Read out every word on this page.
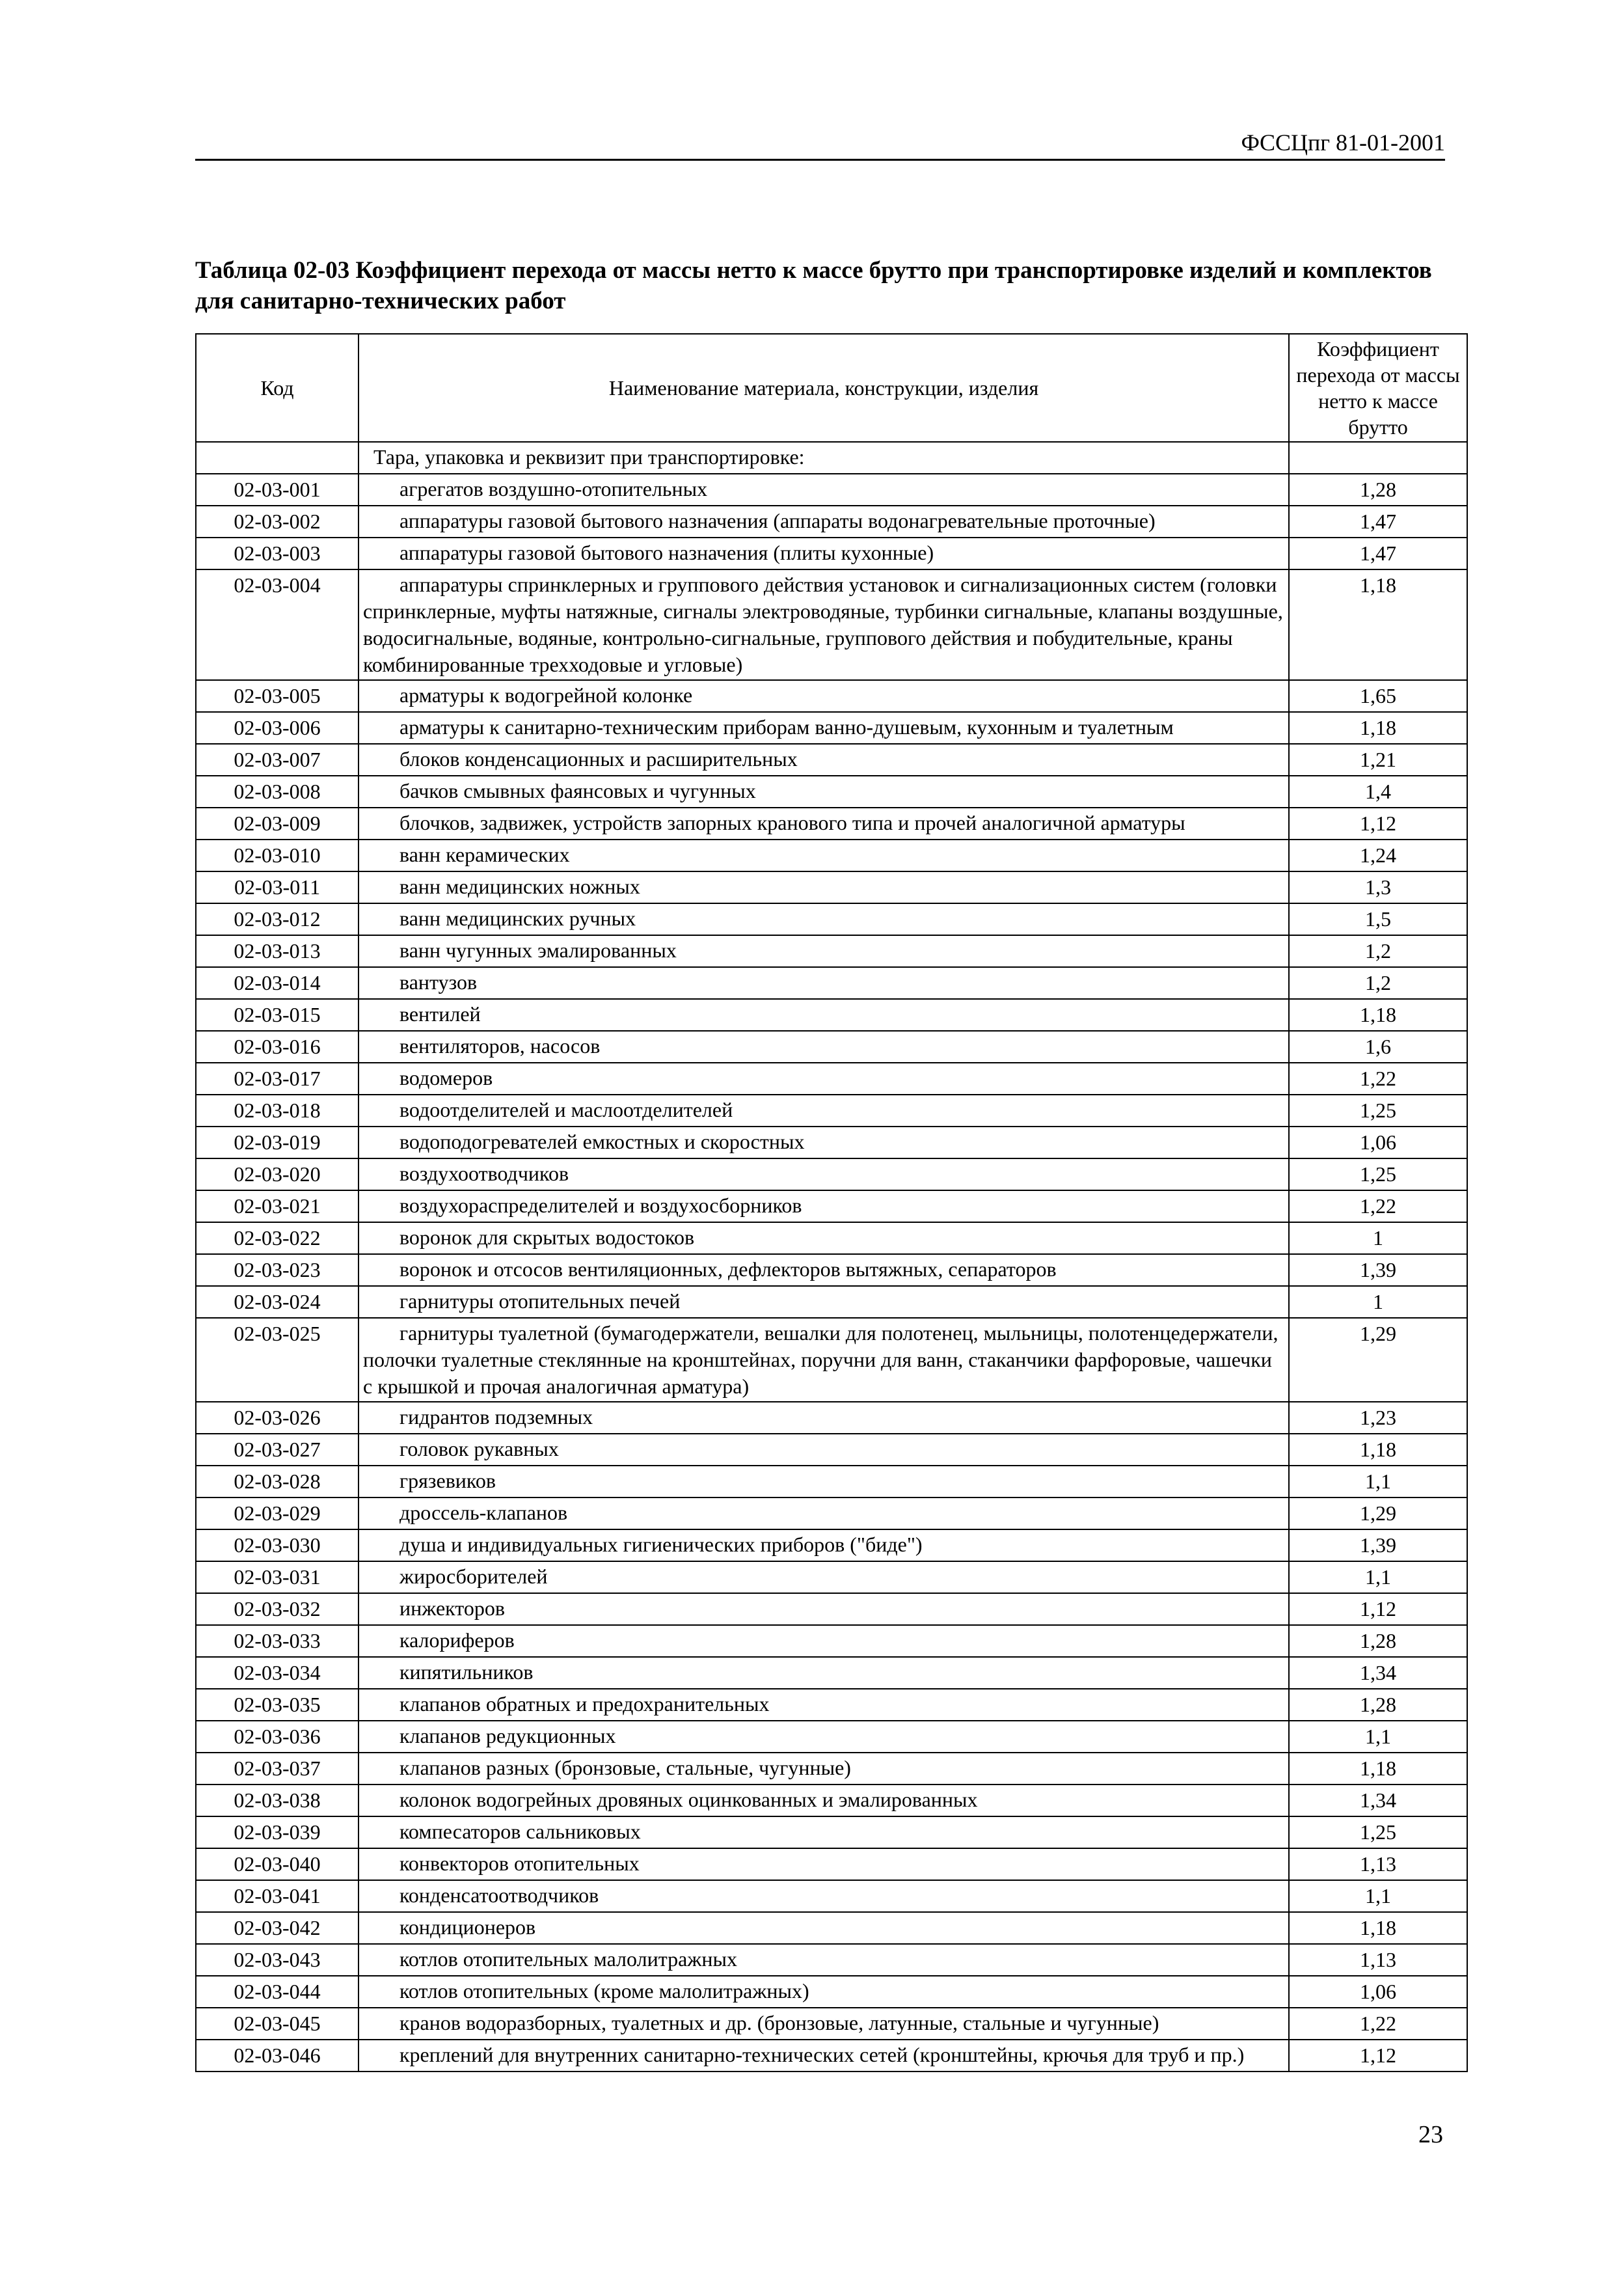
ФССЦпг 81-01-2001
Таблица 02-03 Коэффициент перехода от массы нетто к массе брутто при транспортировке изделий и комплектов для санитарно-технических работ
Код	Наименование материала, конструкции, изделия	Коэффициент перехода от массы нетто к массе брутто
	Тара, упаковка и реквизит при транспортировке:	
02-03-001	агрегатов воздушно-отопительных	1,28
02-03-002	аппаратуры газовой бытового назначения (аппараты водонагревательные проточные)	1,47
02-03-003	аппаратуры газовой бытового назначения (плиты кухонные)	1,47
02-03-004	аппаратуры спринклерных и группового действия установок и сигнализационных систем (головки спринклерные, муфты натяжные, сигналы электроводяные, турбинки сигнальные, клапаны воздушные, водосигнальные, водяные, контрольно-сигнальные, группового действия и побудительные, краны комбинированные трехходовые и угловые)	1,18
02-03-005	арматуры к водогрейной колонке	1,65
02-03-006	арматуры к санитарно-техническим приборам ванно-душевым, кухонным и туалетным	1,18
02-03-007	блоков конденсационных и расширительных	1,21
02-03-008	бачков смывных фаянсовых и чугунных	1,4
02-03-009	блочков, задвижек, устройств запорных кранового типа и прочей аналогичной арматуры	1,12
02-03-010	ванн керамических	1,24
02-03-011	ванн медицинских ножных	1,3
02-03-012	ванн медицинских ручных	1,5
02-03-013	ванн чугунных эмалированных	1,2
02-03-014	вантузов	1,2
02-03-015	вентилей	1,18
02-03-016	вентиляторов, насосов	1,6
02-03-017	водомеров	1,22
02-03-018	водоотделителей и маслоотделителей	1,25
02-03-019	водоподогревателей емкостных и скоростных	1,06
02-03-020	воздухоотводчиков	1,25
02-03-021	воздухораспределителей и воздухосборников	1,22
02-03-022	воронок для скрытых водостоков	1
02-03-023	воронок и отсосов вентиляционных, дефлекторов вытяжных, сепараторов	1,39
02-03-024	гарнитуры отопительных печей	1
02-03-025	гарнитуры туалетной (бумагодержатели, вешалки для полотенец, мыльницы, полотенцедержатели, полочки туалетные стеклянные на кронштейнах, поручни для ванн, стаканчики фарфоровые, чашечки с крышкой и прочая аналогичная арматура)	1,29
02-03-026	гидрантов подземных	1,23
02-03-027	головок рукавных	1,18
02-03-028	грязевиков	1,1
02-03-029	дроссель-клапанов	1,29
02-03-030	душа и индивидуальных гигиенических приборов ("биде")	1,39
02-03-031	жиросборителей	1,1
02-03-032	инжекторов	1,12
02-03-033	калориферов	1,28
02-03-034	кипятильников	1,34
02-03-035	клапанов обратных и предохранительных	1,28
02-03-036	клапанов редукционных	1,1
02-03-037	клапанов разных (бронзовые, стальные, чугунные)	1,18
02-03-038	колонок водогрейных дровяных оцинкованных и эмалированных	1,34
02-03-039	компесаторов сальниковых	1,25
02-03-040	конвекторов отопительных	1,13
02-03-041	конденсатоотводчиков	1,1
02-03-042	кондиционеров	1,18
02-03-043	котлов отопительных малолитражных	1,13
02-03-044	котлов отопительных (кроме малолитражных)	1,06
02-03-045	кранов водоразборных, туалетных и др. (бронзовые, латунные, стальные и чугунные)	1,22
02-03-046	креплений для внутренних санитарно-технических сетей (кронштейны, крючья для труб и пр.)	1,12
23
